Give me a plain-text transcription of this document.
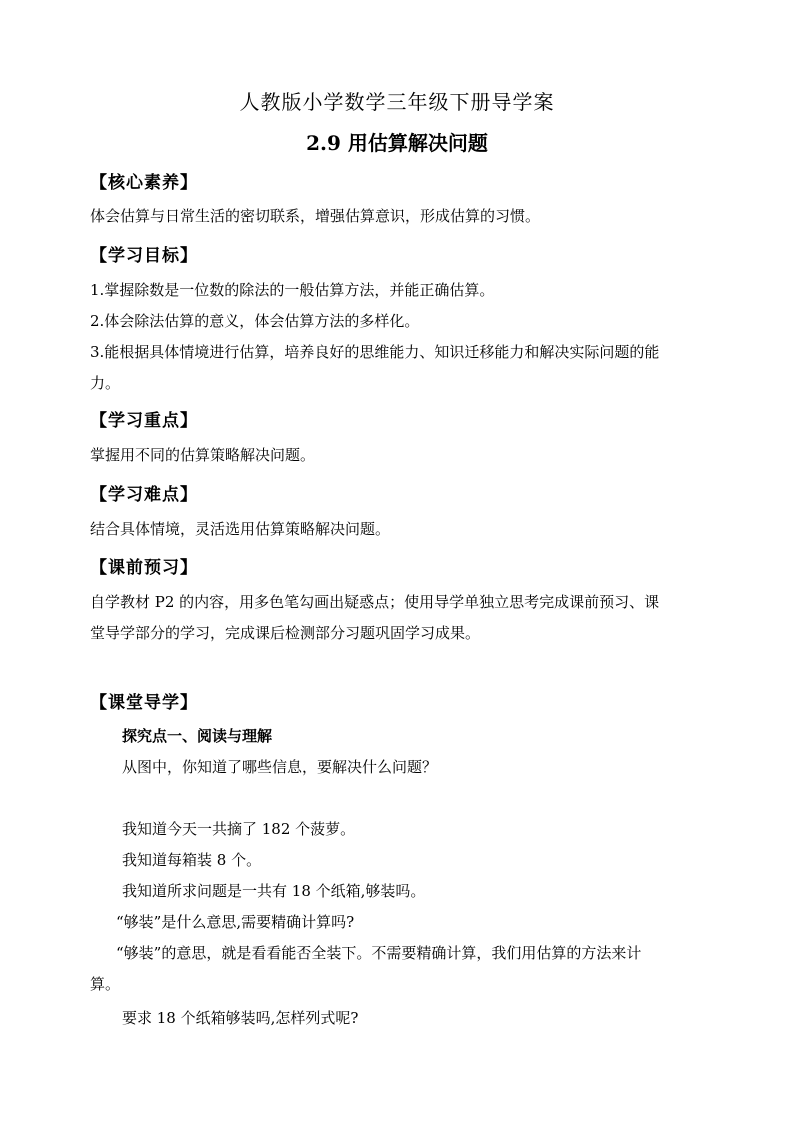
人教版小学数学三年级下册导学案
2.9 用估算解决问题
【核心素养】
体会估算与日常生活的密切联系，增强估算意识，形成估算的习惯。
【学习目标】
1.掌握除数是一位数的除法的一般估算方法，并能正确估算。
2.体会除法估算的意义，体会估算方法的多样化。
3.能根据具体情境进行估算，培养良好的思维能力、知识迁移能力和解决实际问题的能
力。
【学习重点】
掌握用不同的估算策略解决问题。
【学习难点】
结合具体情境，灵活选用估算策略解决问题。
【课前预习】
自学教材 P2 的内容，用多色笔勾画出疑惑点；使用导学单独立思考完成课前预习、课
堂导学部分的学习，完成课后检测部分习题巩固学习成果。
【课堂导学】
探究点一、阅读与理解
从图中，你知道了哪些信息，要解决什么问题？
我知道今天一共摘了 182 个菠萝。
我知道每箱装 8 个。
我知道所求问题是一共有 18 个纸箱,够装吗。
“够装”是什么意思,需要精确计算吗?
“够装”的意思，就是看看能否全装下。不需要精确计算，我们用估算的方法来计
算。
要求 18 个纸箱够装吗,怎样列式呢?
